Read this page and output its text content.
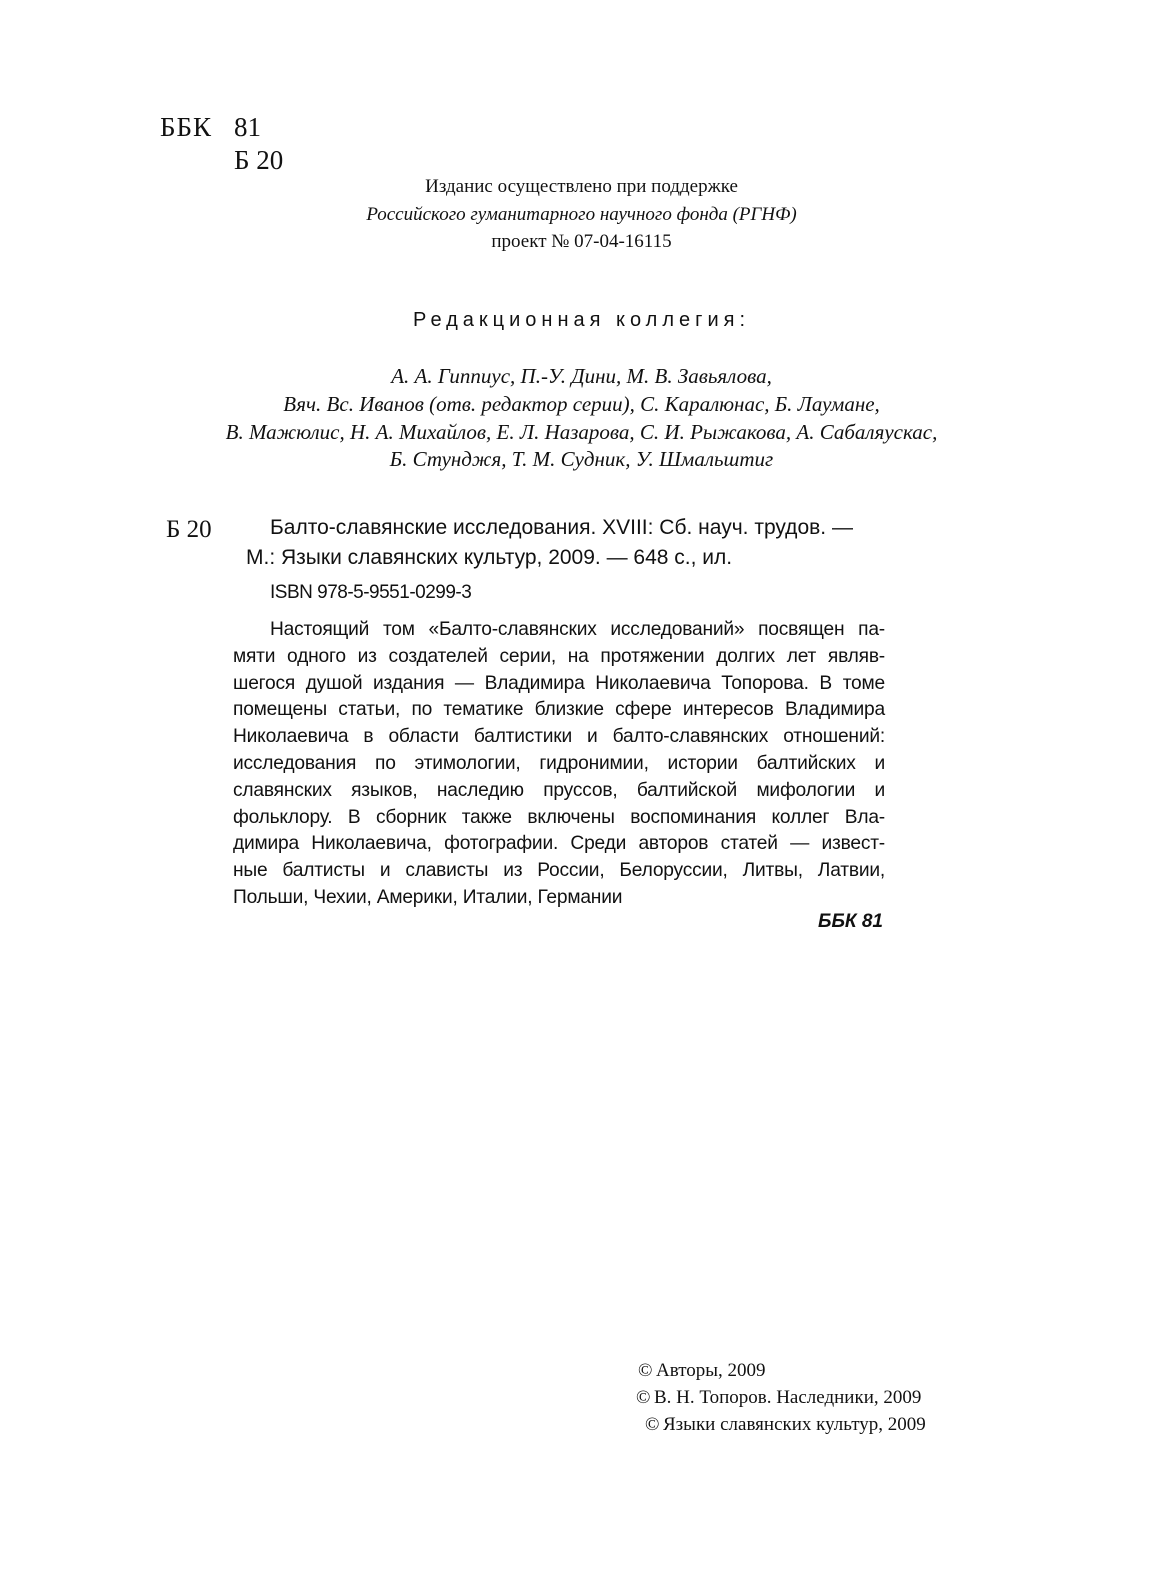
ББК 81
Б 20
Изданис осуществлено при поддержке
Российского гуманитарного научного фонда (РГНФ)
проект № 07-04-16115
Редакционная коллегия:
А. А. Гиппиус, П.-У. Дини, М. В. Завьялова,
Вяч. Вс. Иванов (отв. редактор серии), С. Каралюнас, Б. Лаумане,
В. Мажюлис, Н. А. Михайлов, Е. Л. Назарова, С. И. Рыжакова, А. Сабаляускас,
Б. Стунджя, Т. М. Судник, У. Шмальштиг
Б 20	Балто-славянские исследования. XVIII: Сб. науч. трудов. —
М.: Языки славянских культур, 2009. — 648 с., ил.
ISBN 978-5-9551-0299-3
Настоящий том «Балто-славянских исследований» посвящен па-
мяти одного из создателей серии, на протяжении долгих лет являв-
шегося душой издания — Владимира Николаевича Топорова. В томе
помещены статьи, по тематике близкие сфере интересов Владимира
Николаевича в области балтистики и балто-славянских отношений:
исследования по этимологии, гидронимии, истории балтийских и
славянских языков, наследию пруссов, балтийской мифологии и
фольклору. В сборник также включены воспоминания коллег Вла-
димира Николаевича, фотографии. Среди авторов статей — извест-
ные балтисты и слависты из России, Белоруссии, Литвы, Латвии,
Польши, Чехии, Америки, Италии, Германии
ББК 81
© Авторы, 2009
© В. Н. Топоров. Наследники, 2009
© Языки славянских культур, 2009
